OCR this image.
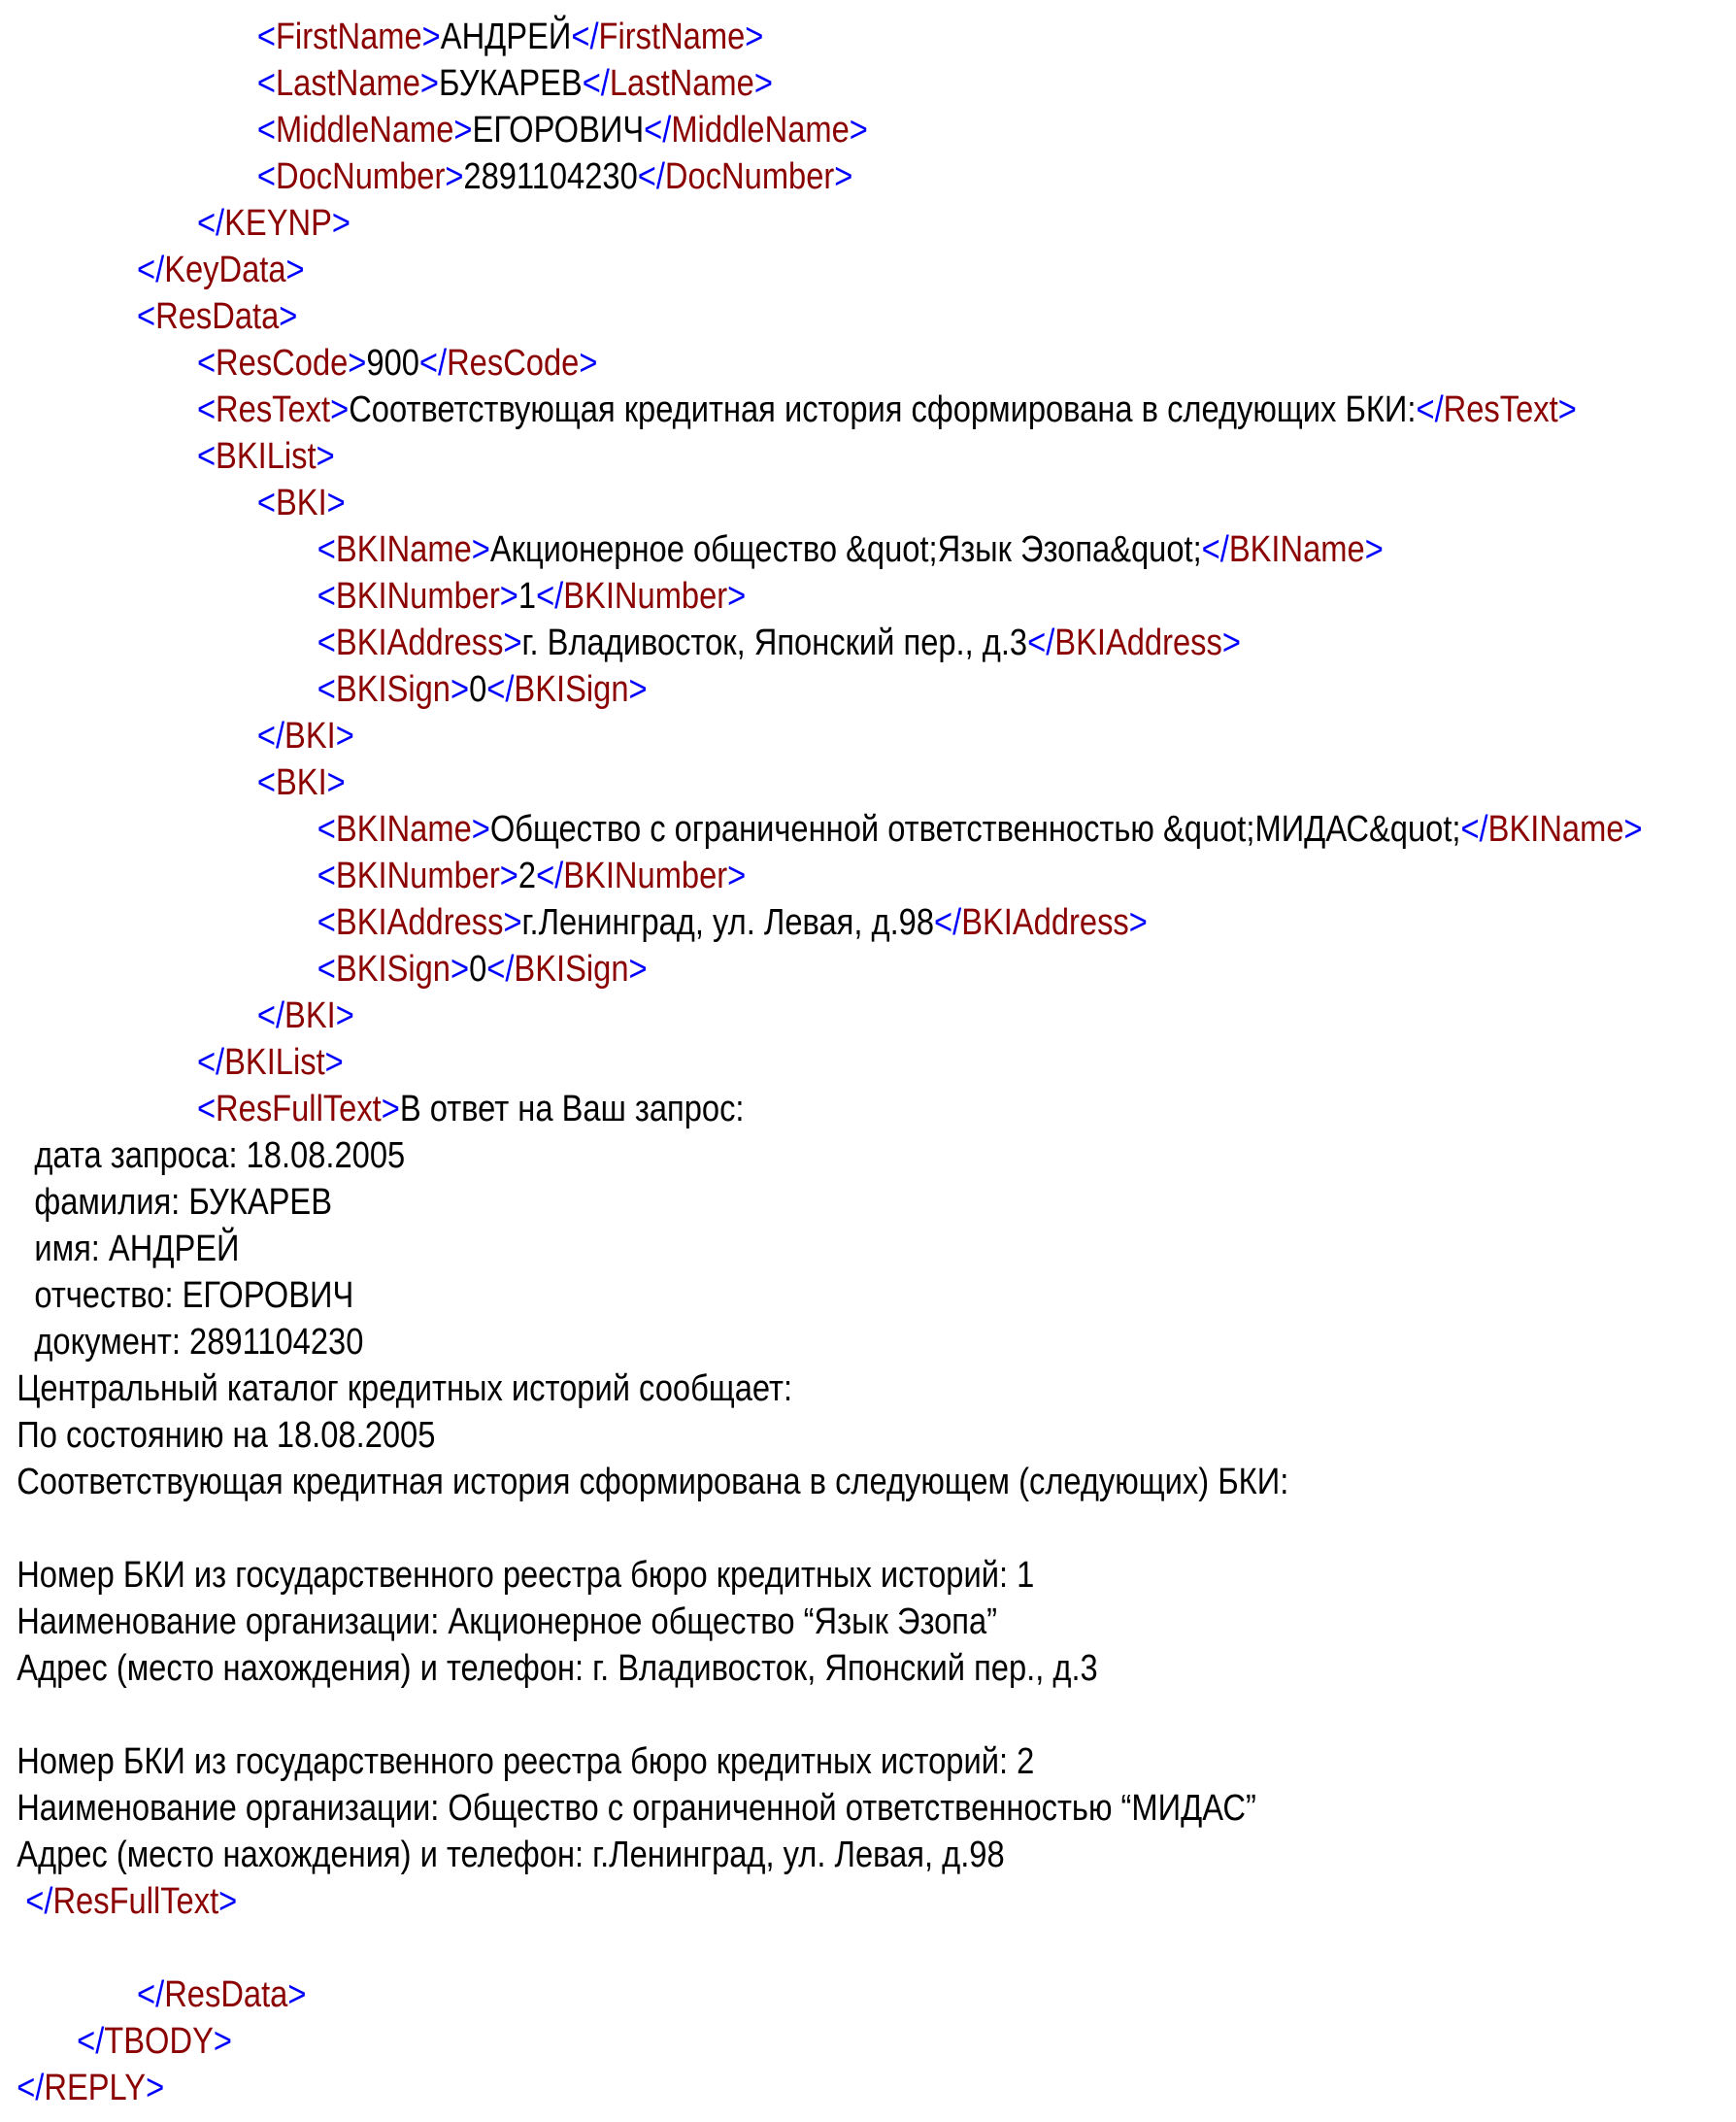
<FirstName>АНДРЕЙ</FirstName>
<LastName>БУКАРЕВ</LastName>
<MiddleName>ЕГОРОВИЧ</MiddleName>
<DocNumber>2891104230</DocNumber>
</KEYNP>
</KeyData>
<ResData>
<ResCode>900</ResCode>
<ResText>Соответствующая кредитная история сформирована в следующих БКИ:</ResText>
<BKIList>
<BKI>
<BKIName>Акционерное общество &quot;Язык Эзопа&quot;</BKIName>
<BKINumber>1</BKINumber>
<BKIAddress>г. Владивосток, Японский пер., д.3</BKIAddress>
<BKISign>0</BKISign>
</BKI>
<BKI>
<BKIName>Общество с ограниченной ответственностью &quot;МИДАС&quot;</BKIName>
<BKINumber>2</BKINumber>
<BKIAddress>г.Ленинград, ул. Левая, д.98</BKIAddress>
<BKISign>0</BKISign>
</BKI>
</BKIList>
<ResFullText>В ответ на Ваш запрос:
дата запроса: 18.08.2005
фамилия: БУКАРЕВ
имя: АНДРЕЙ
отчество: ЕГОРОВИЧ
документ: 2891104230
Центральный каталог кредитных историй сообщает:
По состоянию на 18.08.2005
Соответствующая кредитная история сформирована в следующем (следующих) БКИ:

Номер БКИ из государственного реестра бюро кредитных историй: 1
Наименование организации: Акционерное общество “Язык Эзопа”
Адрес (место нахождения) и телефон: г. Владивосток, Японский пер., д.3

Номер БКИ из государственного реестра бюро кредитных историй: 2
Наименование организации: Общество с ограниченной ответственностью “МИДАС”
Адрес (место нахождения) и телефон: г.Ленинград, ул. Левая, д.98
</ResFullText>

</ResData>
</TBODY>
</REPLY>
